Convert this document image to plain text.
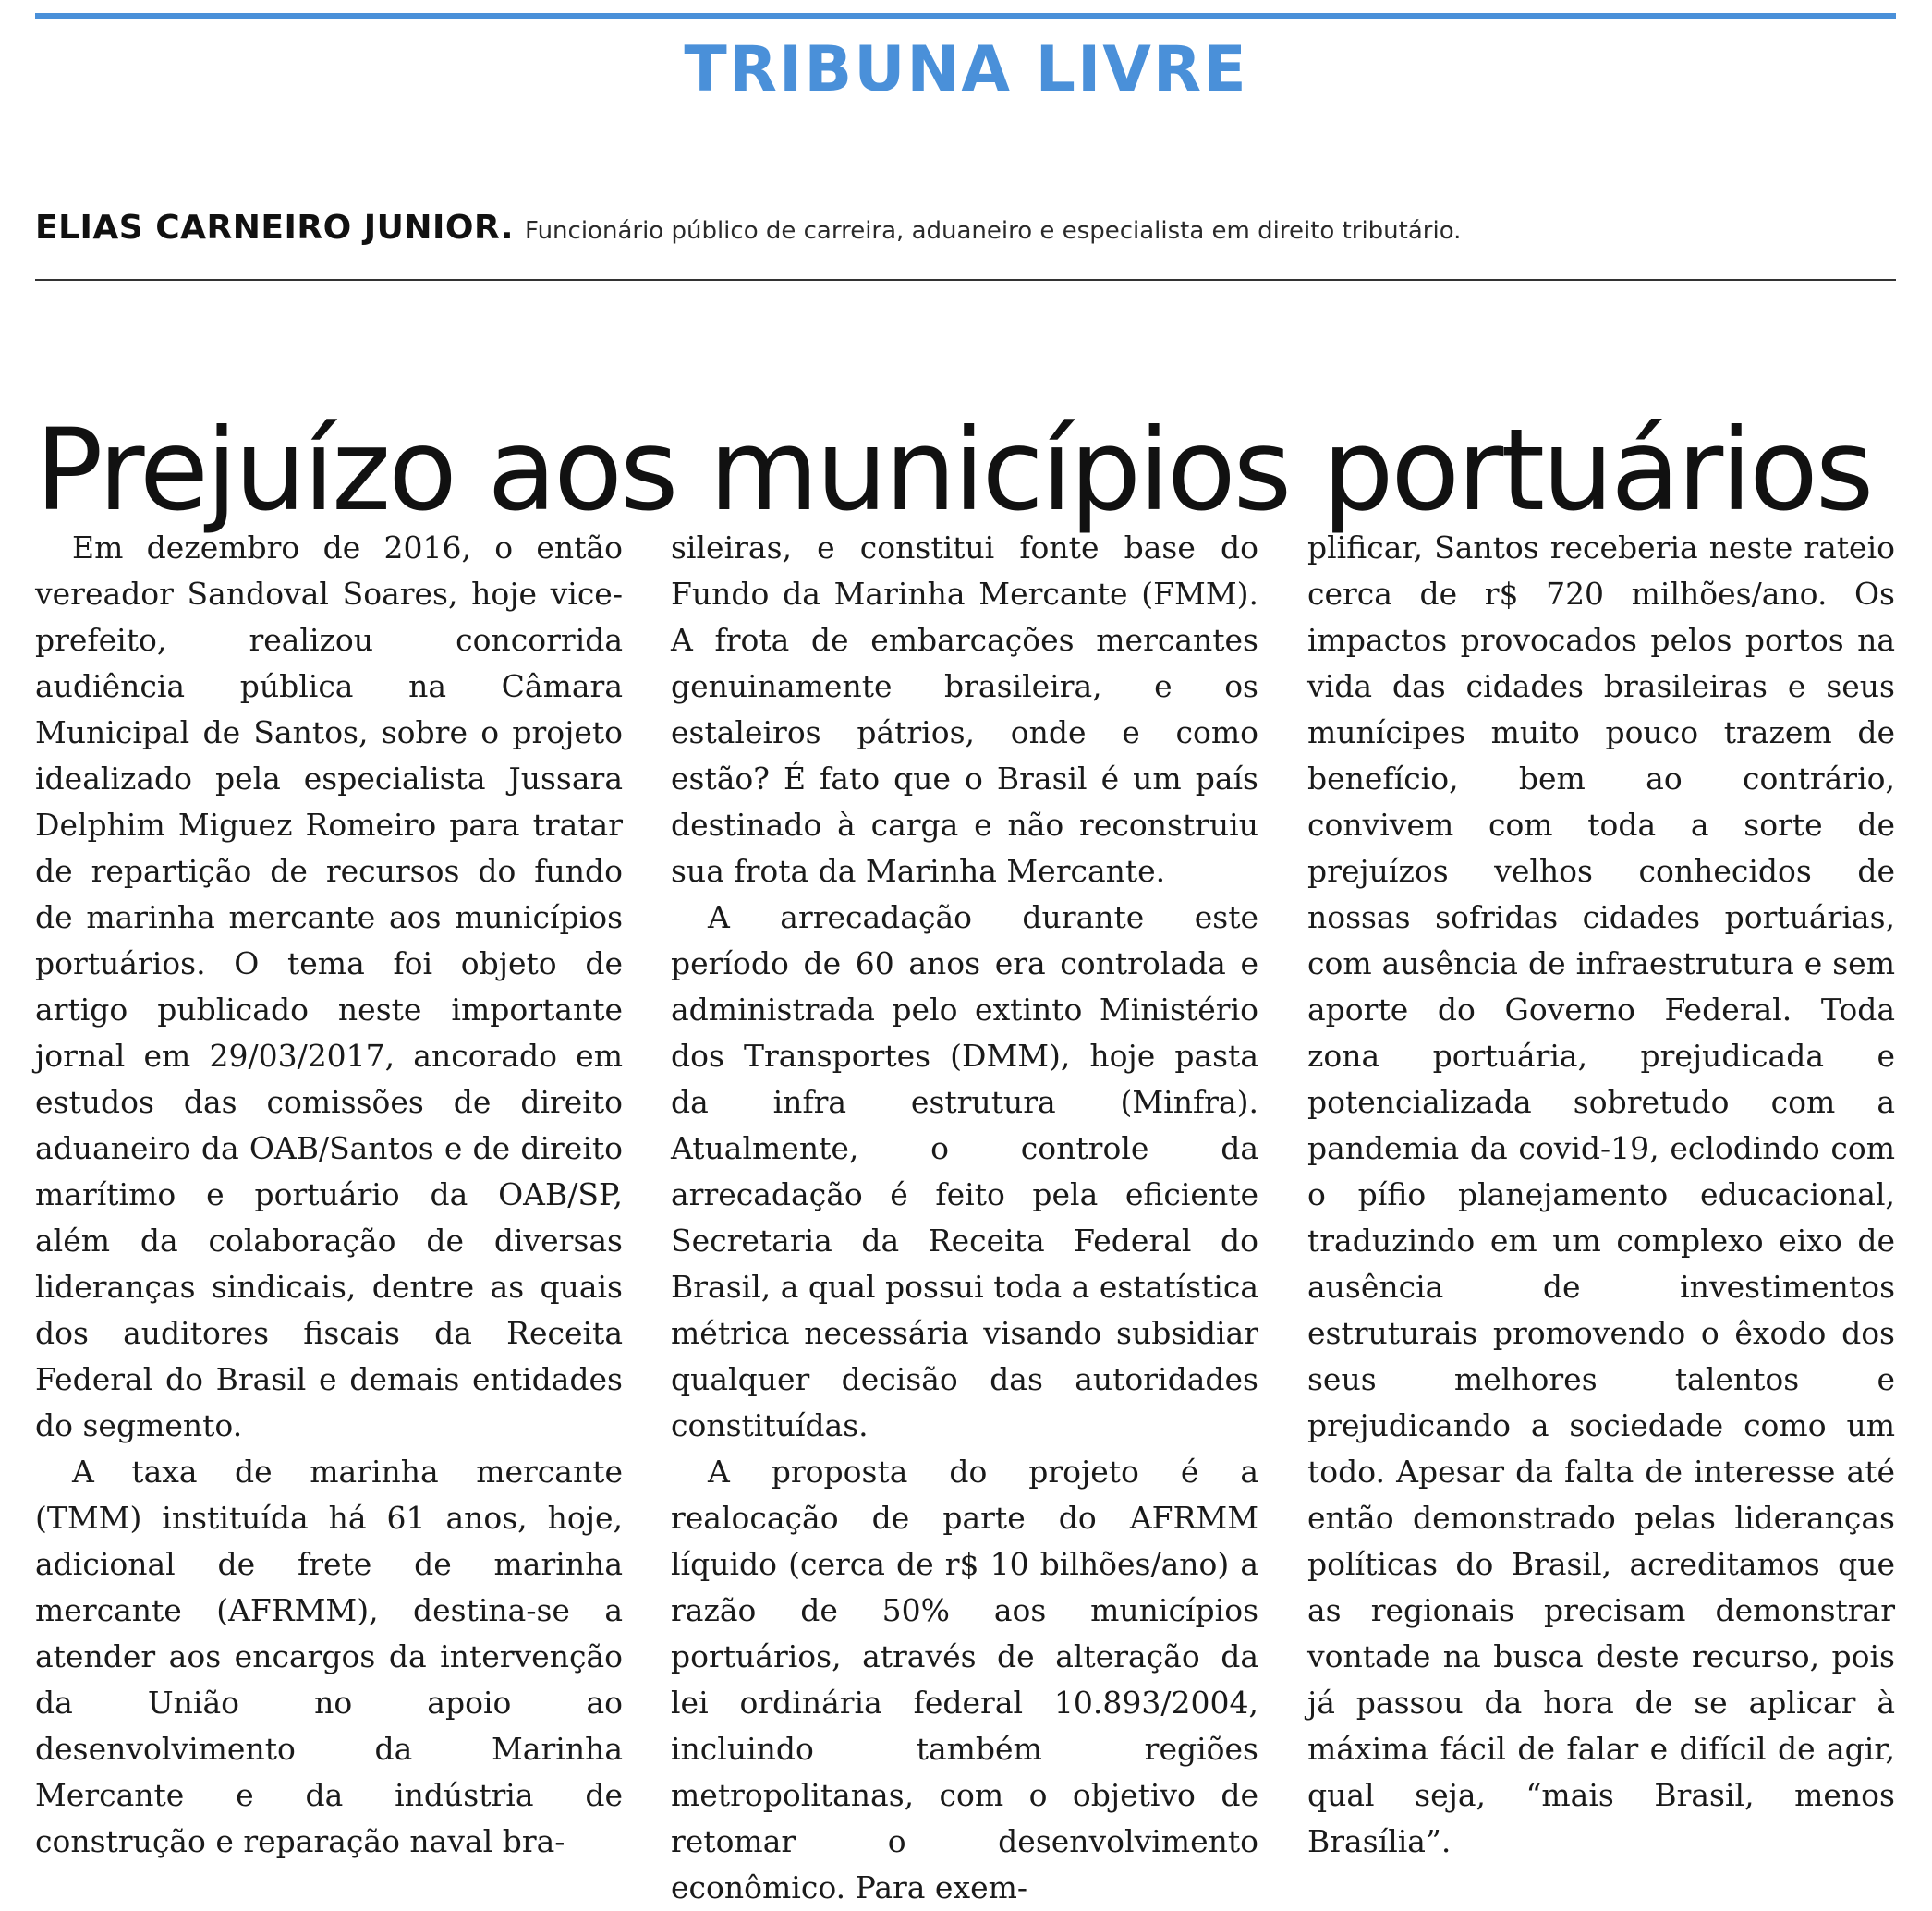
TRIBUNA LIVRE
ELIAS CARNEIRO JUNIOR. Funcionário público de carreira, aduaneiro e especialista em direito tributário.
Prejuízo aos municípios portuários

Em dezembro de 2016, o então vereador Sandoval Soares, hoje vice-prefeito, realizou concorrida audiência pública na Câmara Municipal de Santos, sobre o projeto idealizado pela especialista Jussara Delphim Miguez Romeiro para tratar de repartição de recursos do fundo de marinha mercante aos municípios portuários. O tema foi objeto de artigo publicado neste importante jornal em 29/03/2017, ancorado em estudos das comissões de direito aduaneiro da OAB/Santos e de direito marítimo e portuário da OAB/SP, além da colaboração de diversas lideranças sindicais, dentre as quais dos auditores fiscais da Receita Federal do Brasil e demais entidades do segmento.

A taxa de marinha mercante (TMM) instituída há 61 anos, hoje, adicional de frete de marinha mercante (AFRMM), destina-se a atender aos encargos da intervenção da União no apoio ao desenvolvimento da Marinha Mercante e da indústria de construção e reparação naval bra-

sileiras, e constitui fonte base do Fundo da Marinha Mercante (FMM). A frota de embarcações mercantes genuinamente brasileira, e os estaleiros pátrios, onde e como estão? É fato que o Brasil é um país destinado à carga e não reconstruiu sua frota da Marinha Mercante.

A arrecadação durante este período de 60 anos era controlada e administrada pelo extinto Ministério dos Transportes (DMM), hoje pasta da infra estrutura (Minfra). Atualmente, o controle da arrecadação é feito pela eficiente Secretaria da Receita Federal do Brasil, a qual possui toda a estatística métrica necessária visando subsidiar qualquer decisão das autoridades constituídas.

A proposta do projeto é a realocação de parte do AFRMM líquido (cerca de r$ 10 bilhões/ano) a razão de 50% aos municípios portuários, através de alteração da lei ordinária federal 10.893/2004, incluindo também regiões metropolitanas, com o objetivo de retomar o desenvolvimento econômico. Para exem-

plificar, Santos receberia neste rateio cerca de r$ 720 milhões/ano. Os impactos provocados pelos portos na vida das cidades brasileiras e seus munícipes muito pouco trazem de benefício, bem ao contrário, convivem com toda a sorte de prejuízos velhos conhecidos de nossas sofridas cidades portuárias, com ausência de infraestrutura e sem aporte do Governo Federal. Toda zona portuária, prejudicada e potencializada sobretudo com a pandemia da covid-19, eclodindo com o pífio planejamento educacional, traduzindo em um complexo eixo de ausência de investimentos estruturais promovendo o êxodo dos seus melhores talentos e prejudicando a sociedade como um todo. Apesar da falta de interesse até então demonstrado pelas lideranças políticas do Brasil, acreditamos que as regionais precisam demonstrar vontade na busca deste recurso, pois já passou da hora de se aplicar à máxima fácil de falar e difícil de agir, qual seja, “mais Brasil, menos Brasília”.
